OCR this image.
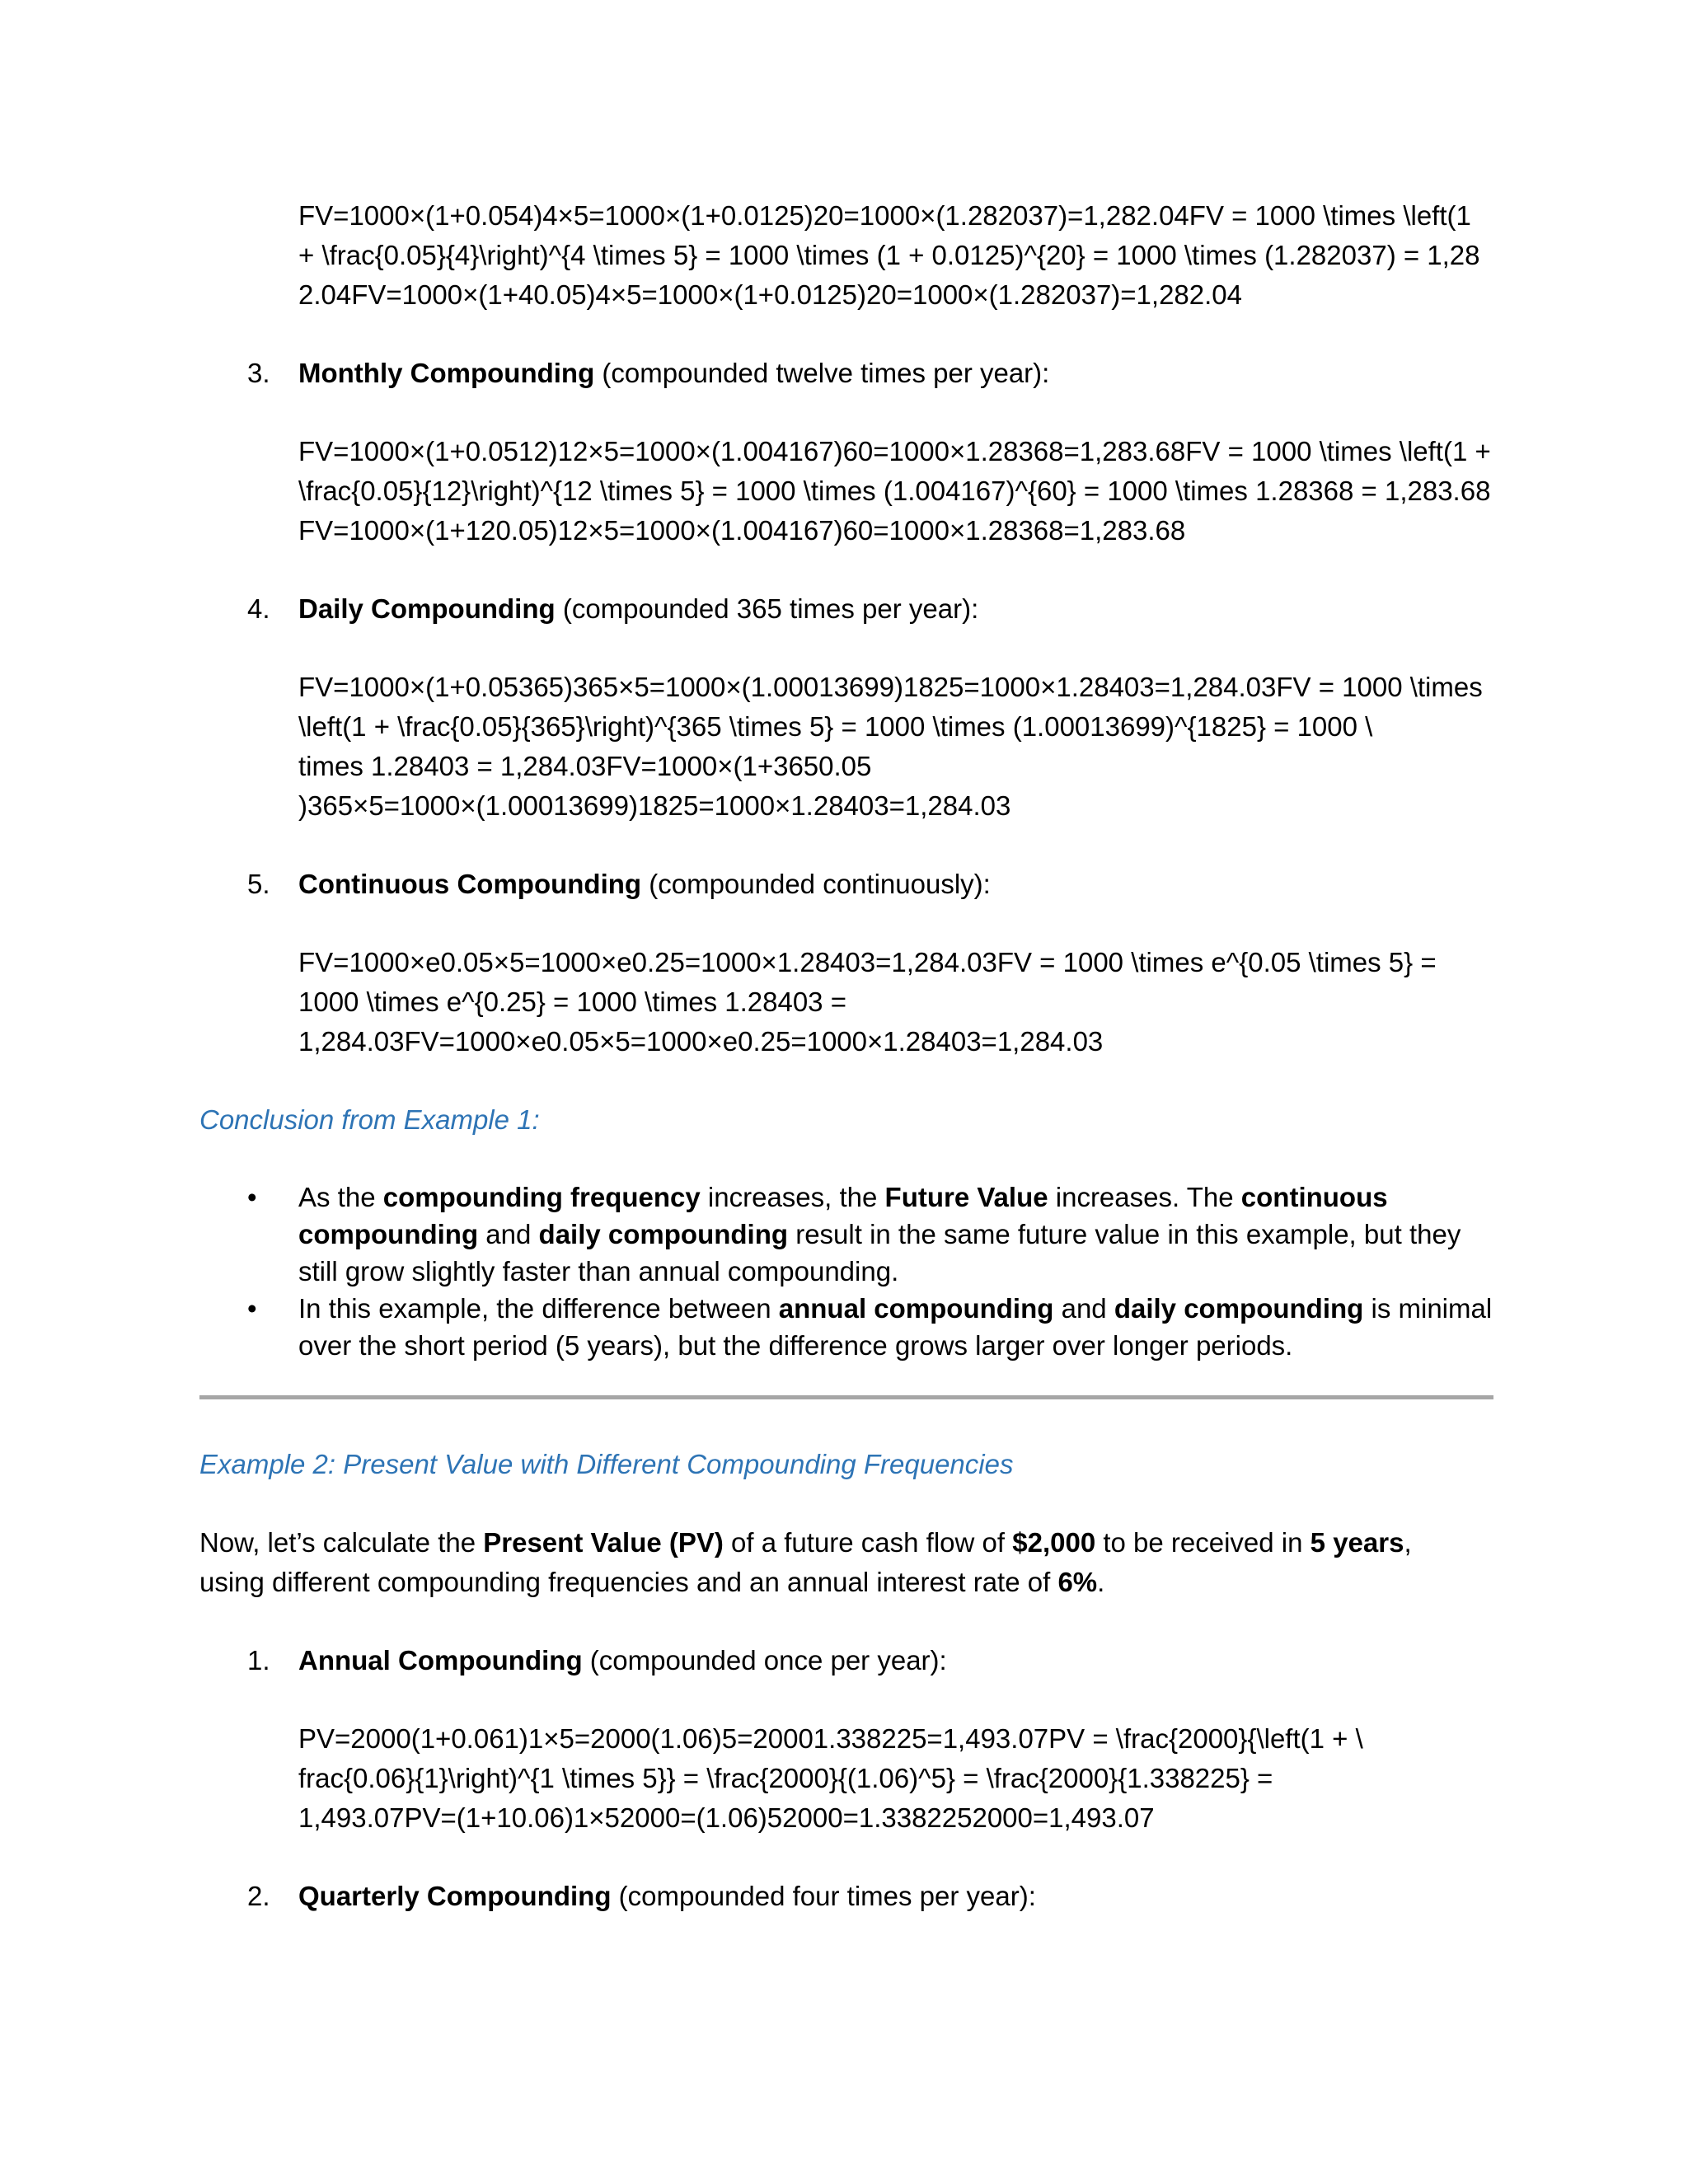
FV=1000×(1+0.054)4×5=1000×(1+0.0125)20=1000×(1.282037)=1,282.04FV = 1000 \times \left(1 + \frac{0.05}{4}\right)^{4 \times 5} = 1000 \times (1 + 0.0125)^{20} = 1000 \times (1.282037) = 1,282.04FV=1000×(1+40.05)4×5=1000×(1+0.0125)20=1000×(1.282037)=1,282.04
3. Monthly Compounding (compounded twelve times per year):
FV=1000×(1+0.0512)12×5=1000×(1.004167)60=1000×1.28368=1,283.68FV = 1000 \times \left(1 + \frac{0.05}{12}\right)^{12 \times 5} = 1000 \times (1.004167)^{60} = 1000 \times 1.28368 = 1,283.68FV=1000×(1+120.05)12×5=1000×(1.004167)60=1000×1.28368=1,283.68
4. Daily Compounding (compounded 365 times per year):
FV=1000×(1+0.05365)365×5=1000×(1.00013699)1825=1000×1.28403=1,284.03FV = 1000 \times
\left(1 + \frac{0.05}{365}\right)^{365 \times 5} = 1000 \times (1.00013699)^{1825} = 1000 \
times 1.28403 = 1,284.03FV=1000×(1+3650.05
)365×5=1000×(1.00013699)1825=1000×1.28403=1,284.03
5. Continuous Compounding (compounded continuously):
FV=1000×e0.05×5=1000×e0.25=1000×1.28403=1,284.03FV = 1000 \times e^{0.05 \times 5} =
1000 \times e^{0.25} = 1000 \times 1.28403 =
1,284.03FV=1000×e0.05×5=1000×e0.25=1000×1.28403=1,284.03
Conclusion from Example 1:
• As the compounding frequency increases, the Future Value increases. The continuous compounding and daily compounding result in the same future value in this example, but they still grow slightly faster than annual compounding.
• In this example, the difference between annual compounding and daily compounding is minimal over the short period (5 years), but the difference grows larger over longer periods.
Example 2: Present Value with Different Compounding Frequencies

Now, let’s calculate the Present Value (PV) of a future cash flow of $2,000 to be received in 5 years,
using different compounding frequencies and an annual interest rate of 6%.

1. Annual Compounding (compounded once per year):
PV=2000(1+0.061)1×5=2000(1.06)5=20001.338225=1,493.07PV = \frac{2000}{\left(1 + \
frac{0.06}{1}\right)^{1 \times 5}} = \frac{2000}{(1.06)^5} = \frac{2000}{1.338225} =
1,493.07PV=(1+10.06)1×52000=(1.06)52000=1.3382252000=1,493.07
2. Quarterly Compounding (compounded four times per year):
